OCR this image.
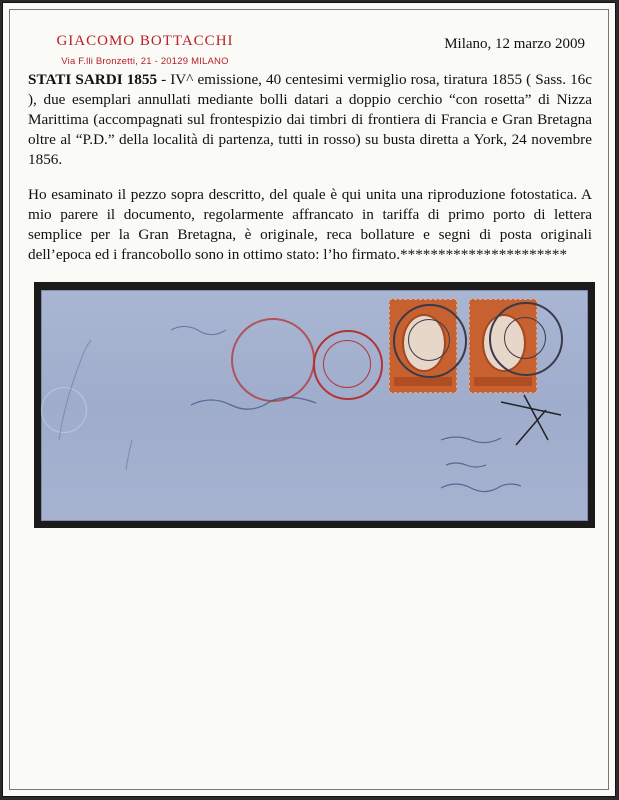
GIACOMO BOTTACCHI
Via F.lli Bronzetti, 21 - 20129 MILANO
Milano, 12 marzo 2009
STATI SARDI 1855 - IV^ emissione, 40 centesimi vermiglio rosa, tiratura 1855 ( Sass. 16c ), due esemplari annullati mediante bolli datari a doppio cerchio “con rosetta” di Nizza Marittima (accompagnati sul frontespizio dai timbri di frontiera di Francia e Gran Bretagna oltre al “P.D.” della località di partenza, tutti in rosso) su busta diretta a York, 24 novembre 1856.
Ho esaminato il pezzo sopra descritto, del quale è qui unita una riproduzione fotostatica. A mio parere il documento, regolarmente affrancato in tariffa di primo porto di lettera semplice per la Gran Bretagna, è originale, reca bollature e segni di posta originali dell’epoca ed i francobollo sono in ottimo stato: l’ho firmato.**********************
